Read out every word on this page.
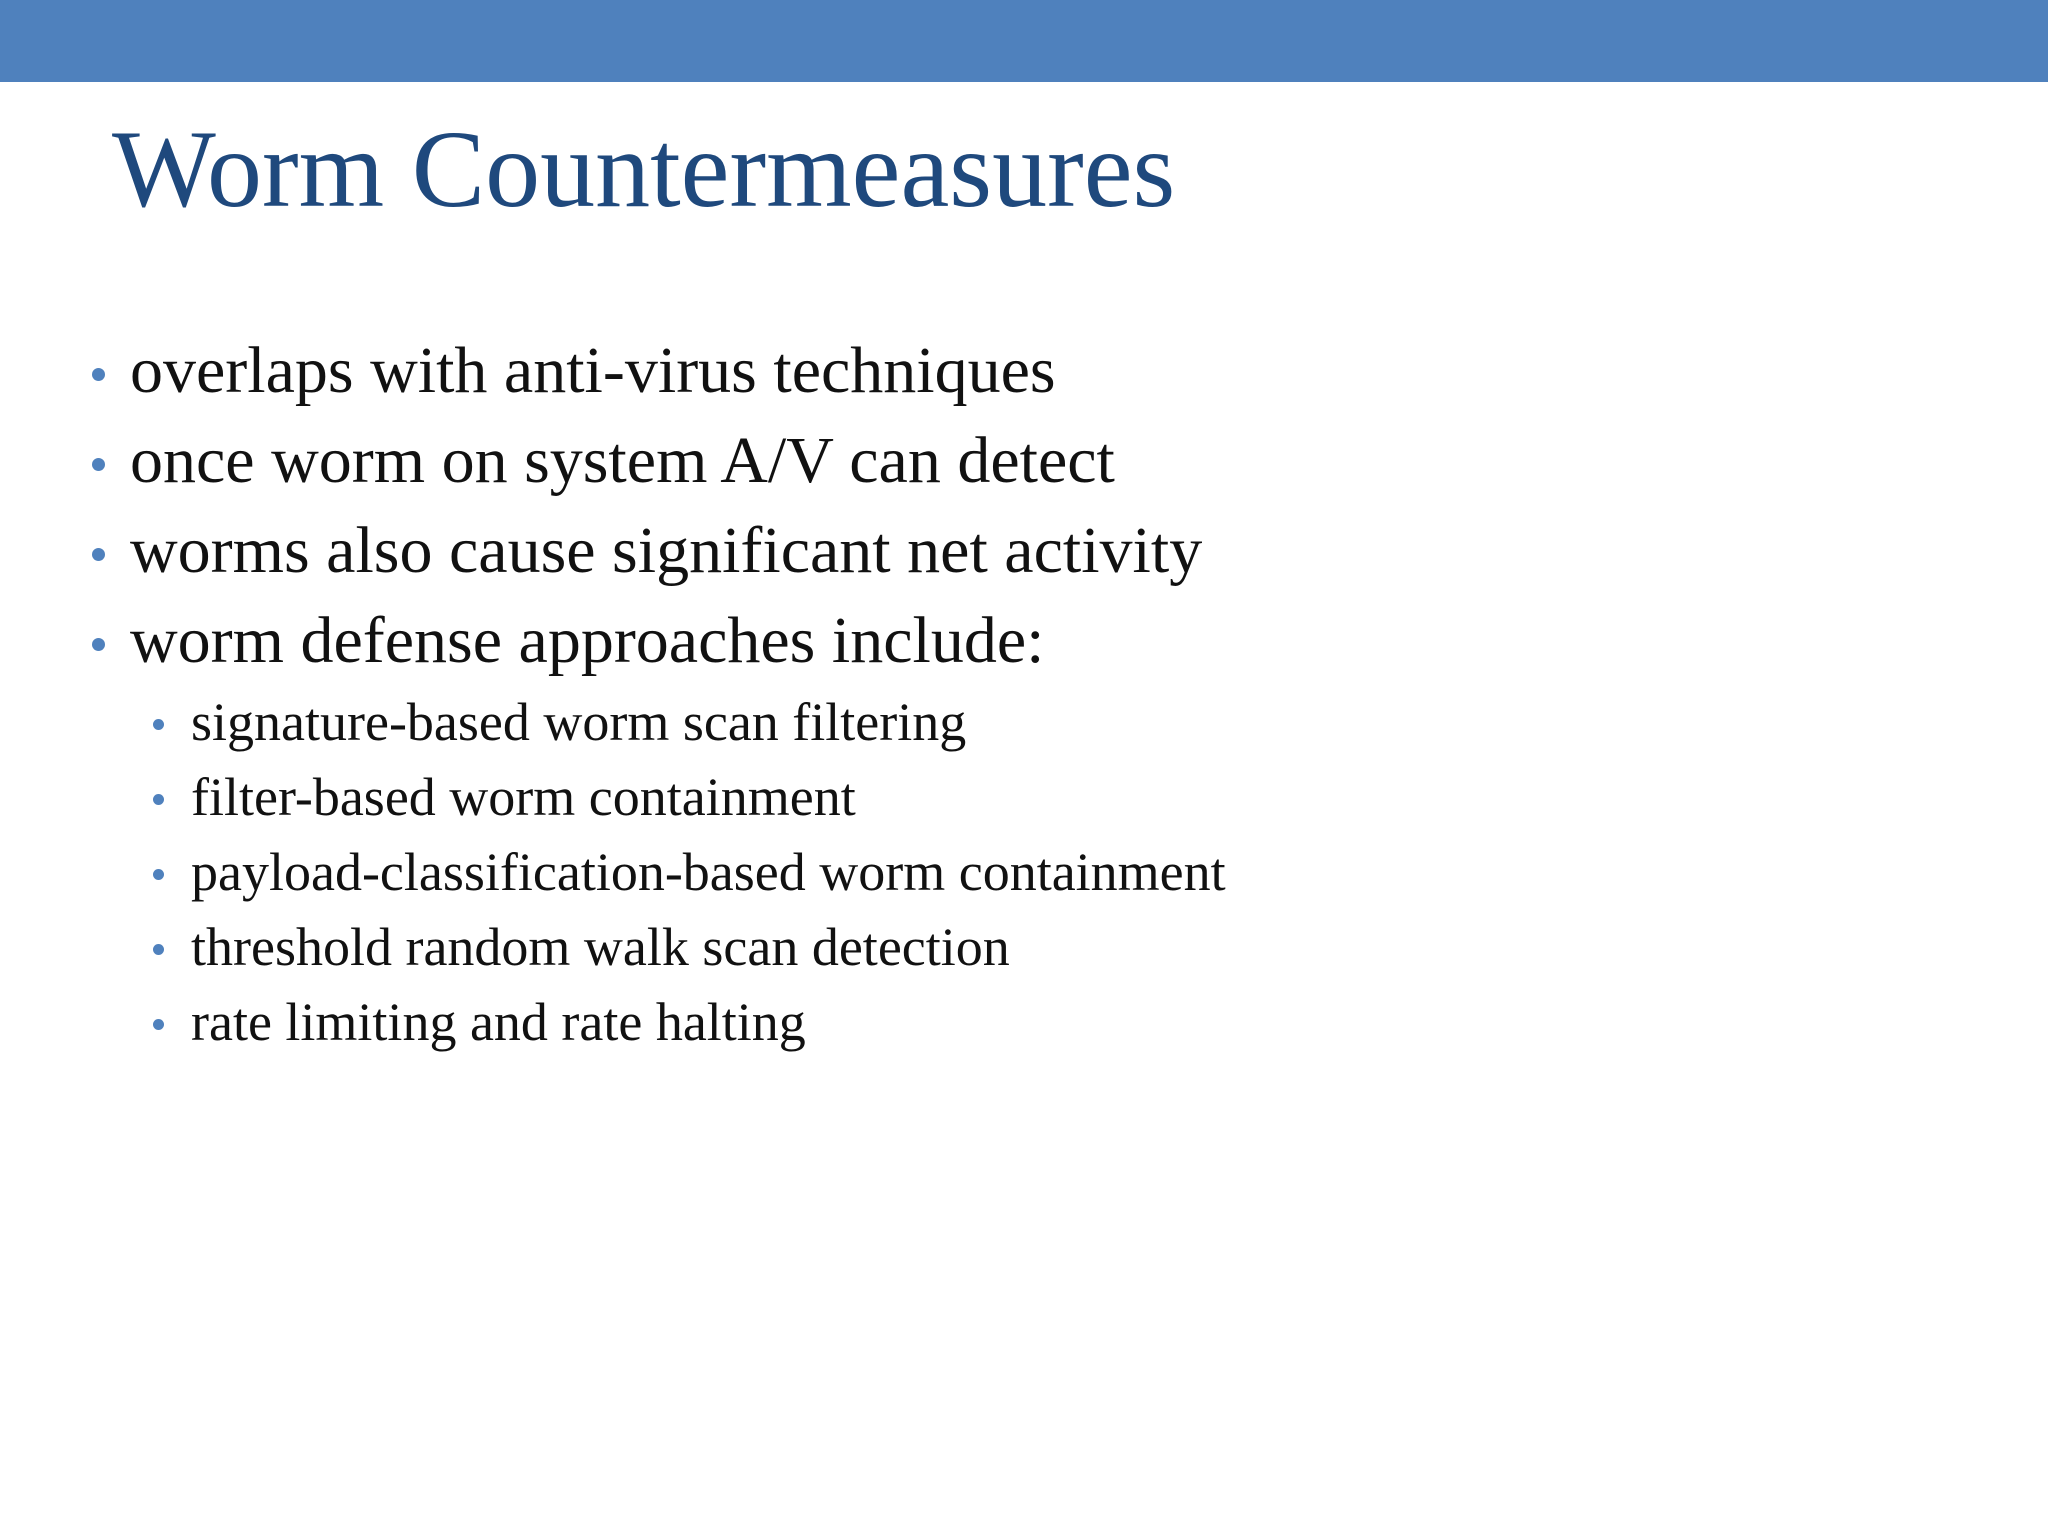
Worm Countermeasures
overlaps with anti-virus techniques
once worm on system A/V can detect
worms also cause significant net activity
worm defense approaches include:
signature-based worm scan filtering
filter-based worm containment
payload-classification-based worm containment
threshold random walk scan detection
rate limiting and rate halting
